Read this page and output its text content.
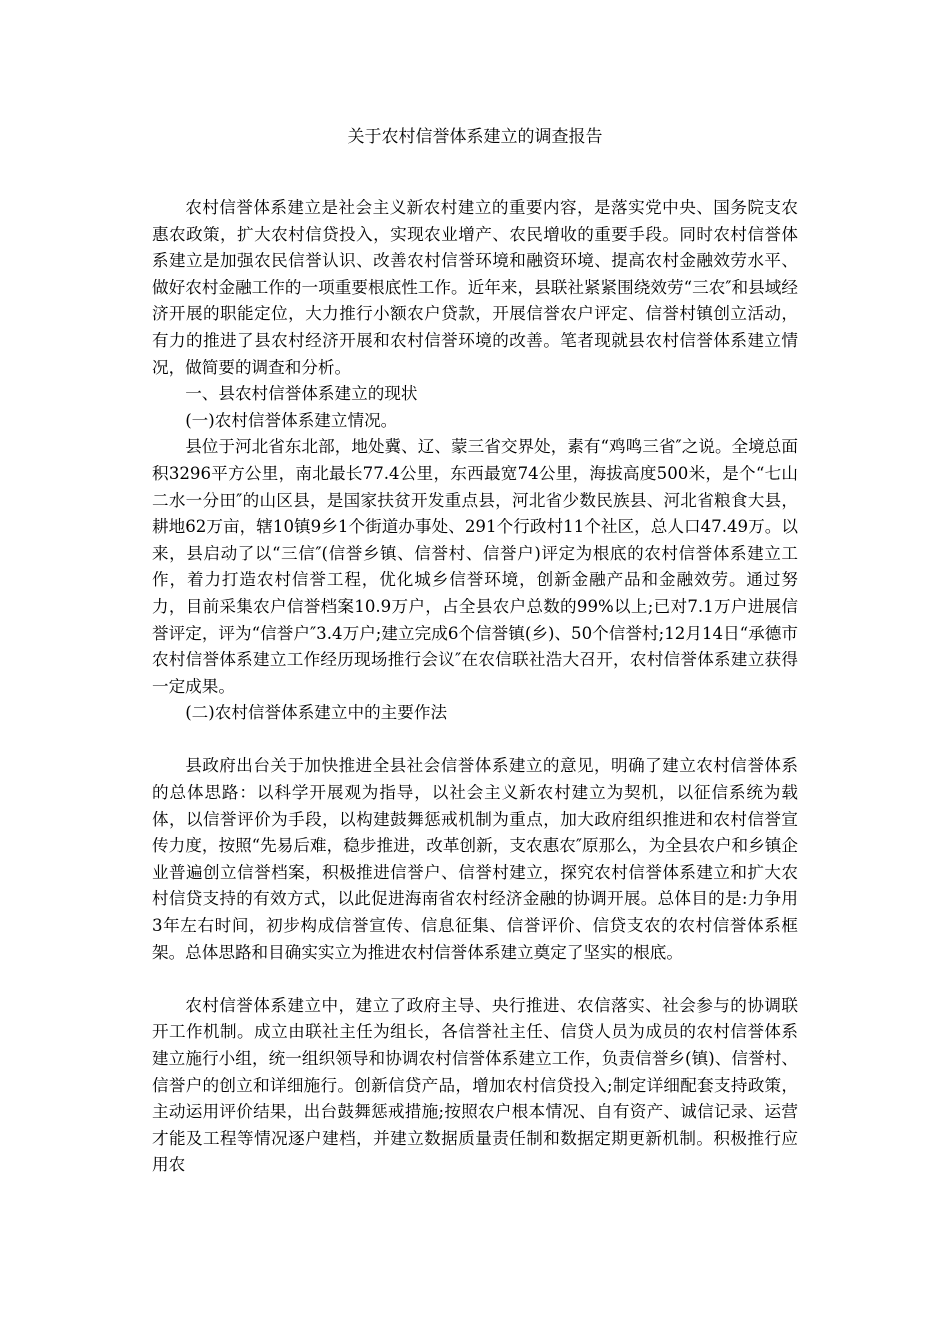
关于农村信誉体系建立的调查报告

农村信誉体系建立是社会主义新农村建立的重要内容，是落实党中央、国务院支农惠农政策，扩大农村信贷投入，实现农业增产、农民增收的重要手段。同时农村信誉体系建立是加强农民信誉认识、改善农村信誉环境和融资环境、提高农村金融效劳水平、做好农村金融工作的一项重要根底性工作。近年来，县联社紧紧围绕效劳“三农″和县域经济开展的职能定位，大力推行小额农户贷款，开展信誉农户评定、信誉村镇创立活动，有力的推进了县农村经济开展和农村信誉环境的改善。笔者现就县农村信誉体系建立情况，做简要的调查和分析。

一、县农村信誉体系建立的现状

(一)农村信誉体系建立情况。

县位于河北省东北部，地处冀、辽、蒙三省交界处，素有“鸡鸣三省″之说。全境总面积3296平方公里，南北最长77.4公里，东西最宽74公里，海拔高度500米，是个“七山二水一分田″的山区县，是国家扶贫开发重点县，河北省少数民族县、河北省粮食大县，耕地62万亩，辖10镇9乡1个街道办事处、291个行政村11个社区，总人口47.49万。以来，县启动了以“三信″(信誉乡镇、信誉村、信誉户)评定为根底的农村信誉体系建立工作，着力打造农村信誉工程，优化城乡信誉环境，创新金融产品和金融效劳。通过努力，目前采集农户信誉档案10.9万户，占全县农户总数的99%以上;已对7.1万户进展信誉评定，评为“信誉户″3.4万户;建立完成6个信誉镇(乡)、50个信誉村;12月14日“承德市农村信誉体系建立工作经历现场推行会议″在农信联社浩大召开，农村信誉体系建立获得一定成果。

(二)农村信誉体系建立中的主要作法

县政府出台关于加快推进全县社会信誉体系建立的意见，明确了建立农村信誉体系的总体思路：以科学开展观为指导，以社会主义新农村建立为契机，以征信系统为载体，以信誉评价为手段，以构建鼓舞惩戒机制为重点，加大政府组织推进和农村信誉宣传力度，按照“先易后难，稳步推进，改革创新，支农惠农″原那么，为全县农户和乡镇企业普遍创立信誉档案，积极推进信誉户、信誉村建立，探究农村信誉体系建立和扩大农村信贷支持的有效方式，以此促进海南省农村经济金融的协调开展。总体目的是:力争用3年左右时间，初步构成信誉宣传、信息征集、信誉评价、信贷支农的农村信誉体系框架。总体思路和目确实实立为推进农村信誉体系建立奠定了坚实的根底。

农村信誉体系建立中，建立了政府主导、央行推进、农信落实、社会参与的协调联开工作机制。成立由联社主任为组长，各信誉社主任、信贷人员为成员的农村信誉体系建立施行小组，统一组织领导和协调农村信誉体系建立工作，负责信誉乡(镇)、信誉村、信誉户的创立和详细施行。创新信贷产品，增加农村信贷投入;制定详细配套支持政策，主动运用评价结果，出台鼓舞惩戒措施;按照农户根本情况、自有资产、诚信记录、运营才能及工程等情况逐户建档，并建立数据质量责任制和数据定期更新机制。积极推行应用农
